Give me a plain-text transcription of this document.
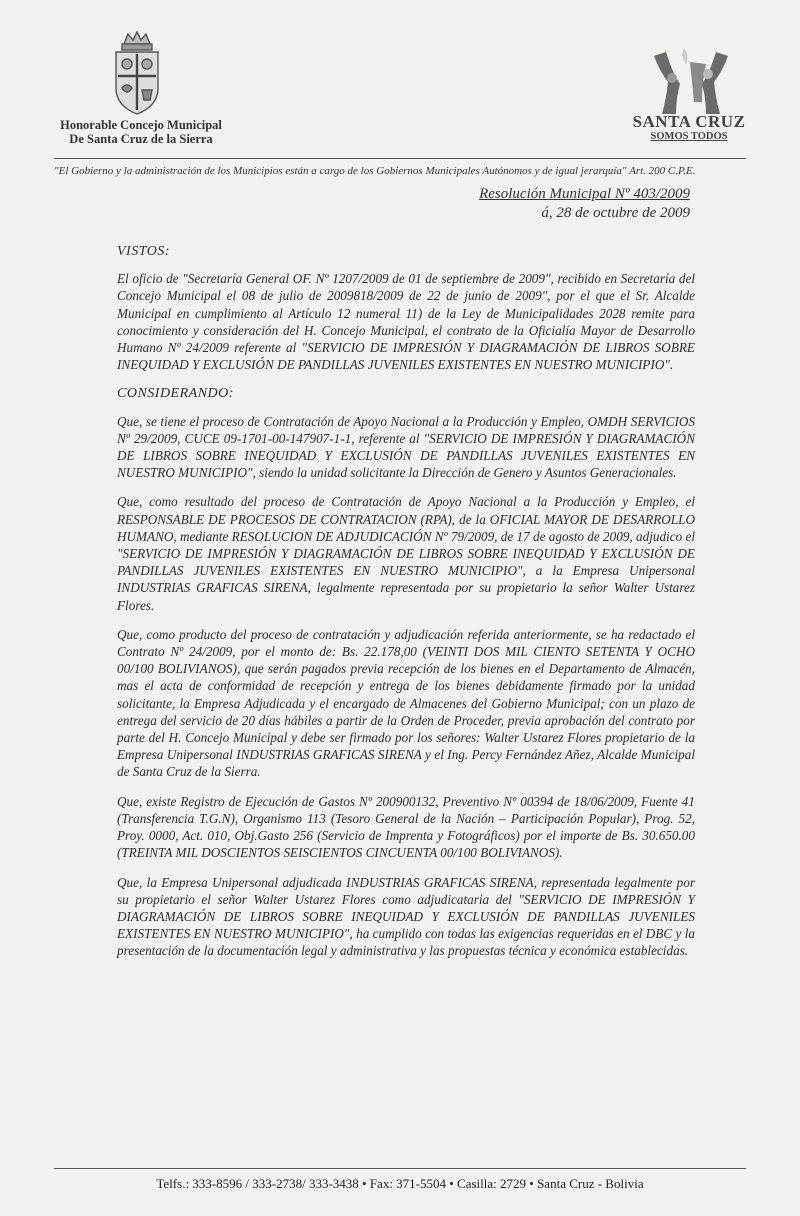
Honorable Concejo Municipal
De Santa Cruz de la Sierra
SANTA CRUZ
SOMOS TODOS
"El Gobierno y la administración de los Municipios están a cargo de los Gobiernos Municipales Autónomos y de igual jerarquía" Art. 200 C.P.E.
Resolución Municipal Nº 403/2009
á, 28 de octubre de 2009
VISTOS:

El oficio de "Secretaría General OF. Nº 1207/2009 de 01 de septiembre de 2009", recibido en Secretaría del Concejo Municipal el 08 de julio de 2009818/2009 de 22 de junio de 2009", por el que el Sr. Alcalde Municipal en cumplimiento al Artículo 12 numeral 11) de la Ley de Municipalidades 2028 remite para conocimiento y consideración del H. Concejo Municipal, el contrato de la Oficialía Mayor de Desarrollo Humano Nº 24/2009 referente al "SERVICIO DE IMPRESIÓN Y DIAGRAMACIÓN DE LIBROS SOBRE INEQUIDAD Y EXCLUSIÓN DE PANDILLAS JUVENILES EXISTENTES EN NUESTRO MUNICIPIO".

CONSIDERANDO:

Que, se tiene el proceso de Contratación de Apoyo Nacional a la Producción y Empleo, OMDH SERVICIOS Nº 29/2009, CUCE 09-1701-00-147907-1-1, referente al "SERVICIO DE IMPRESIÓN Y DIAGRAMACIÓN DE LIBROS SOBRE INEQUIDAD Y EXCLUSIÓN DE PANDILLAS JUVENILES EXISTENTES EN NUESTRO MUNICIPIO", siendo la unidad solicitante la Dirección de Genero y Asuntos Generacionales.

Que, como resultado del proceso de Contratación de Apoyo Nacional a la Producción y Empleo, el RESPONSABLE DE PROCESOS DE CONTRATACION (RPA), de la OFICIAL MAYOR DE DESARROLLO HUMANO, mediante RESOLUCION DE ADJUDICACIÓN Nº 79/2009, de 17 de agosto de 2009, adjudico el "SERVICIO DE IMPRESIÓN Y DIAGRAMACIÓN DE LIBROS SOBRE INEQUIDAD Y EXCLUSIÓN DE PANDILLAS JUVENILES EXISTENTES EN NUESTRO MUNICIPIO", a la Empresa Unipersonal INDUSTRIAS GRAFICAS SIRENA, legalmente representada por su propietario la señor Walter Ustarez Flores.

Que, como producto del proceso de contratación y adjudicación referida anteriormente, se ha redactado el Contrato Nº 24/2009, por el monto de: Bs. 22.178,00 (VEINTI DOS MIL CIENTO SETENTA Y OCHO 00/100 BOLIVIANOS), que serán pagados previa recepción de los bienes en el Departamento de Almacén, mas el acta de conformidad de recepción y entrega de los bienes debidamente firmado por la unidad solicitante, la Empresa Adjudicada y el encargado de Almacenes del Gobierno Municipal; con un plazo de entrega del servicio de 20 días hábiles a partir de la Orden de Proceder, previa aprobación del contrato por parte del H. Concejo Municipal y debe ser firmado por los señores: Walter Ustarez Flores propietario de la Empresa Unipersonal INDUSTRIAS GRAFICAS SIRENA y el Ing. Percy Fernández Añez, Alcalde Municipal de Santa Cruz de la Sierra.

Que, existe Registro de Ejecución de Gastos Nº 200900132, Preventivo Nº 00394 de 18/06/2009, Fuente 41 (Transferencia T.G.N), Organismo 113 (Tesoro General de la Nación – Participación Popular), Prog. 52, Proy. 0000, Act. 010, Obj.Gasto 256 (Servicio de Imprenta y Fotográficos) por el importe de Bs. 30.650.00 (TREINTA MIL DOSCIENTOS SEISCIENTOS CINCUENTA 00/100 BOLIVIANOS).

Que, la Empresa Unipersonal adjudicada INDUSTRIAS GRAFICAS SIRENA, representada legalmente por su propietario el señor Walter Ustarez Flores como adjudicataria del "SERVICIO DE IMPRESIÓN Y DIAGRAMACIÓN DE LIBROS SOBRE INEQUIDAD Y EXCLUSIÓN DE PANDILLAS JUVENILES EXISTENTES EN NUESTRO MUNICIPIO", ha cumplido con todas las exigencias requeridas en el DBC y la presentación de la documentación legal y administrativa y las propuestas técnica y económica establecidas.

Telfs.: 333-8596 / 333-2738/ 333-3438 • Fax: 371-5504 • Casilla: 2729 • Santa Cruz - Bolivia
